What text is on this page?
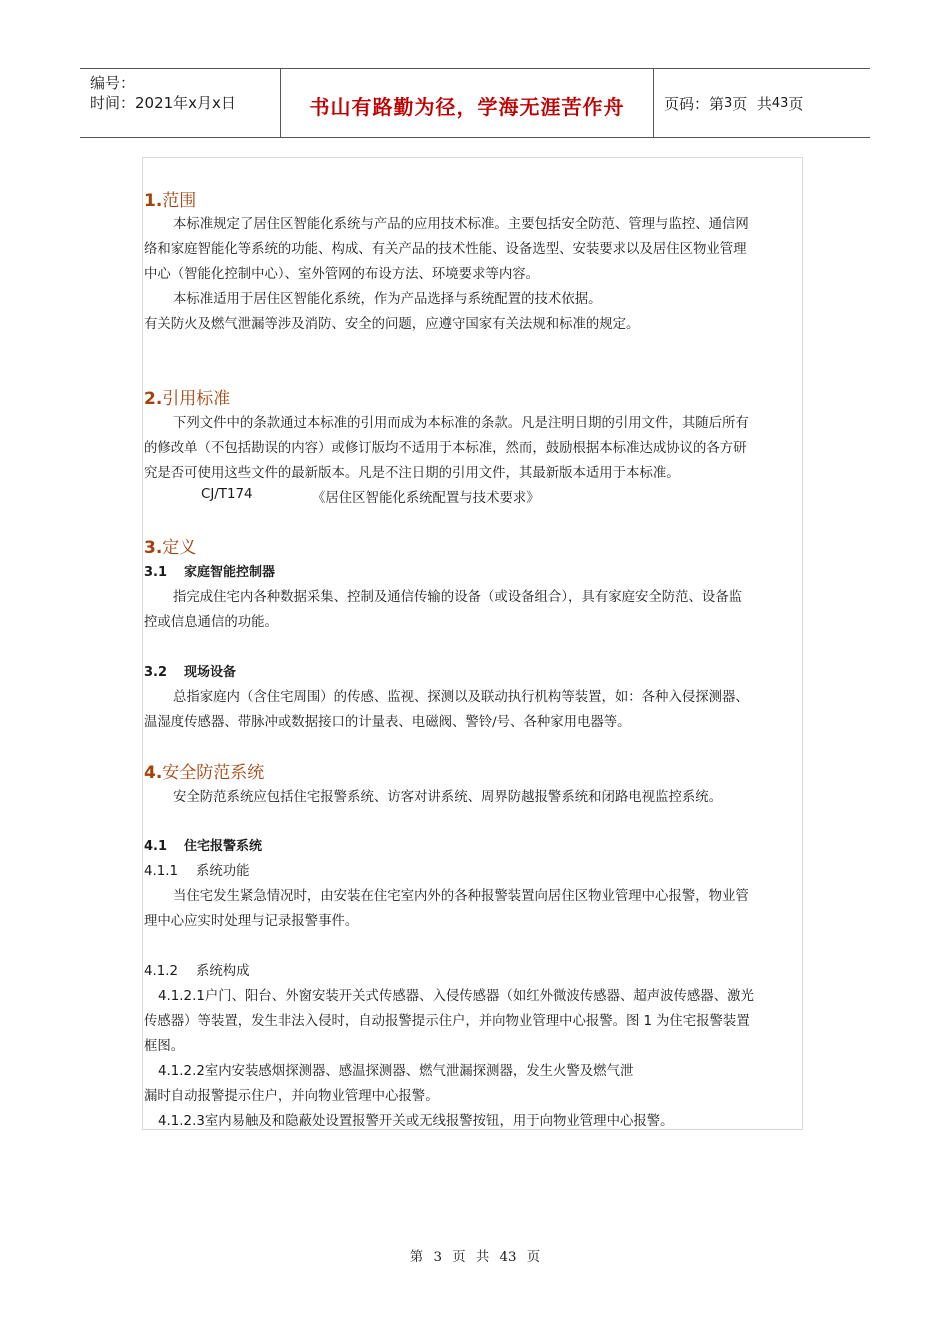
编号：
时间：2021年x月x日	书山有路勤为径，学海无涯苦作舟	页码：第 3 页  共 43 页
1.范围
本标准规定了居住区智能化系统与产品的应用技术标准。主要包括安全防范、管理与监控、通信网
络和家庭智能化等系统的功能、构成、有关产品的技术性能、设备选型、安装要求以及居住区物业管理
中心（智能化控制中心）、室外管网的布设方法、环境要求等内容。
本标准适用于居住区智能化系统，作为产品选择与系统配置的技术依据。
有关防火及燃气泄漏等涉及消防、安全的问题，应遵守国家有关法规和标准的规定。
2.引用标准
下列文件中的条款通过本标准的引用而成为本标准的条款。凡是注明日期的引用文件，其随后所有
的修改单（不包括勘误的内容）或修订版均不适用于本标准，然而，鼓励根据本标准达成协议的各方研
究是否可使用这些文件的最新版本。凡是不注日期的引用文件，其最新版本适用于本标准。
CJ/T174	《居住区智能化系统配置与技术要求》
3.定义
3.1 家庭智能控制器
指完成住宅内各种数据采集、控制及通信传输的设备（或设备组合），具有家庭安全防范、设备监
控或信息通信的功能。
3.2 现场设备
总指家庭内（含住宅周围）的传感、监视、探测以及联动执行机构等装置，如：各种入侵探测器、
温湿度传感器、带脉冲或数据接口的计量表、电磁阀、警铃/号、各种家用电器等。
4.安全防范系统
安全防范系统应包括住宅报警系统、访客对讲系统、周界防越报警系统和闭路电视监控系统。
4.1 住宅报警系统
4.1.1 系统功能
当住宅发生紧急情况时，由安装在住宅室内外的各种报警装置向居住区物业管理中心报警，物业管
理中心应实时处理与记录报警事件。
4.1.2 系统构成
4.1.2.1户门、阳台、外窗安装开关式传感器、入侵传感器（如红外微波传感器、超声波传感器、激光
传感器）等装置，发生非法入侵时，自动报警提示住户，并向物业管理中心报警。图 1 为住宅报警装置
框图。
4.1.2.2室内安装感烟探测器、感温探测器、燃气泄漏探测器，发生火警及燃气泄
漏时自动报警提示住户，并向物业管理中心报警。
4.1.2.3室内易触及和隐蔽处设置报警开关或无线报警按钮，用于向物业管理中心报警。
第 3 页 共 43 页
